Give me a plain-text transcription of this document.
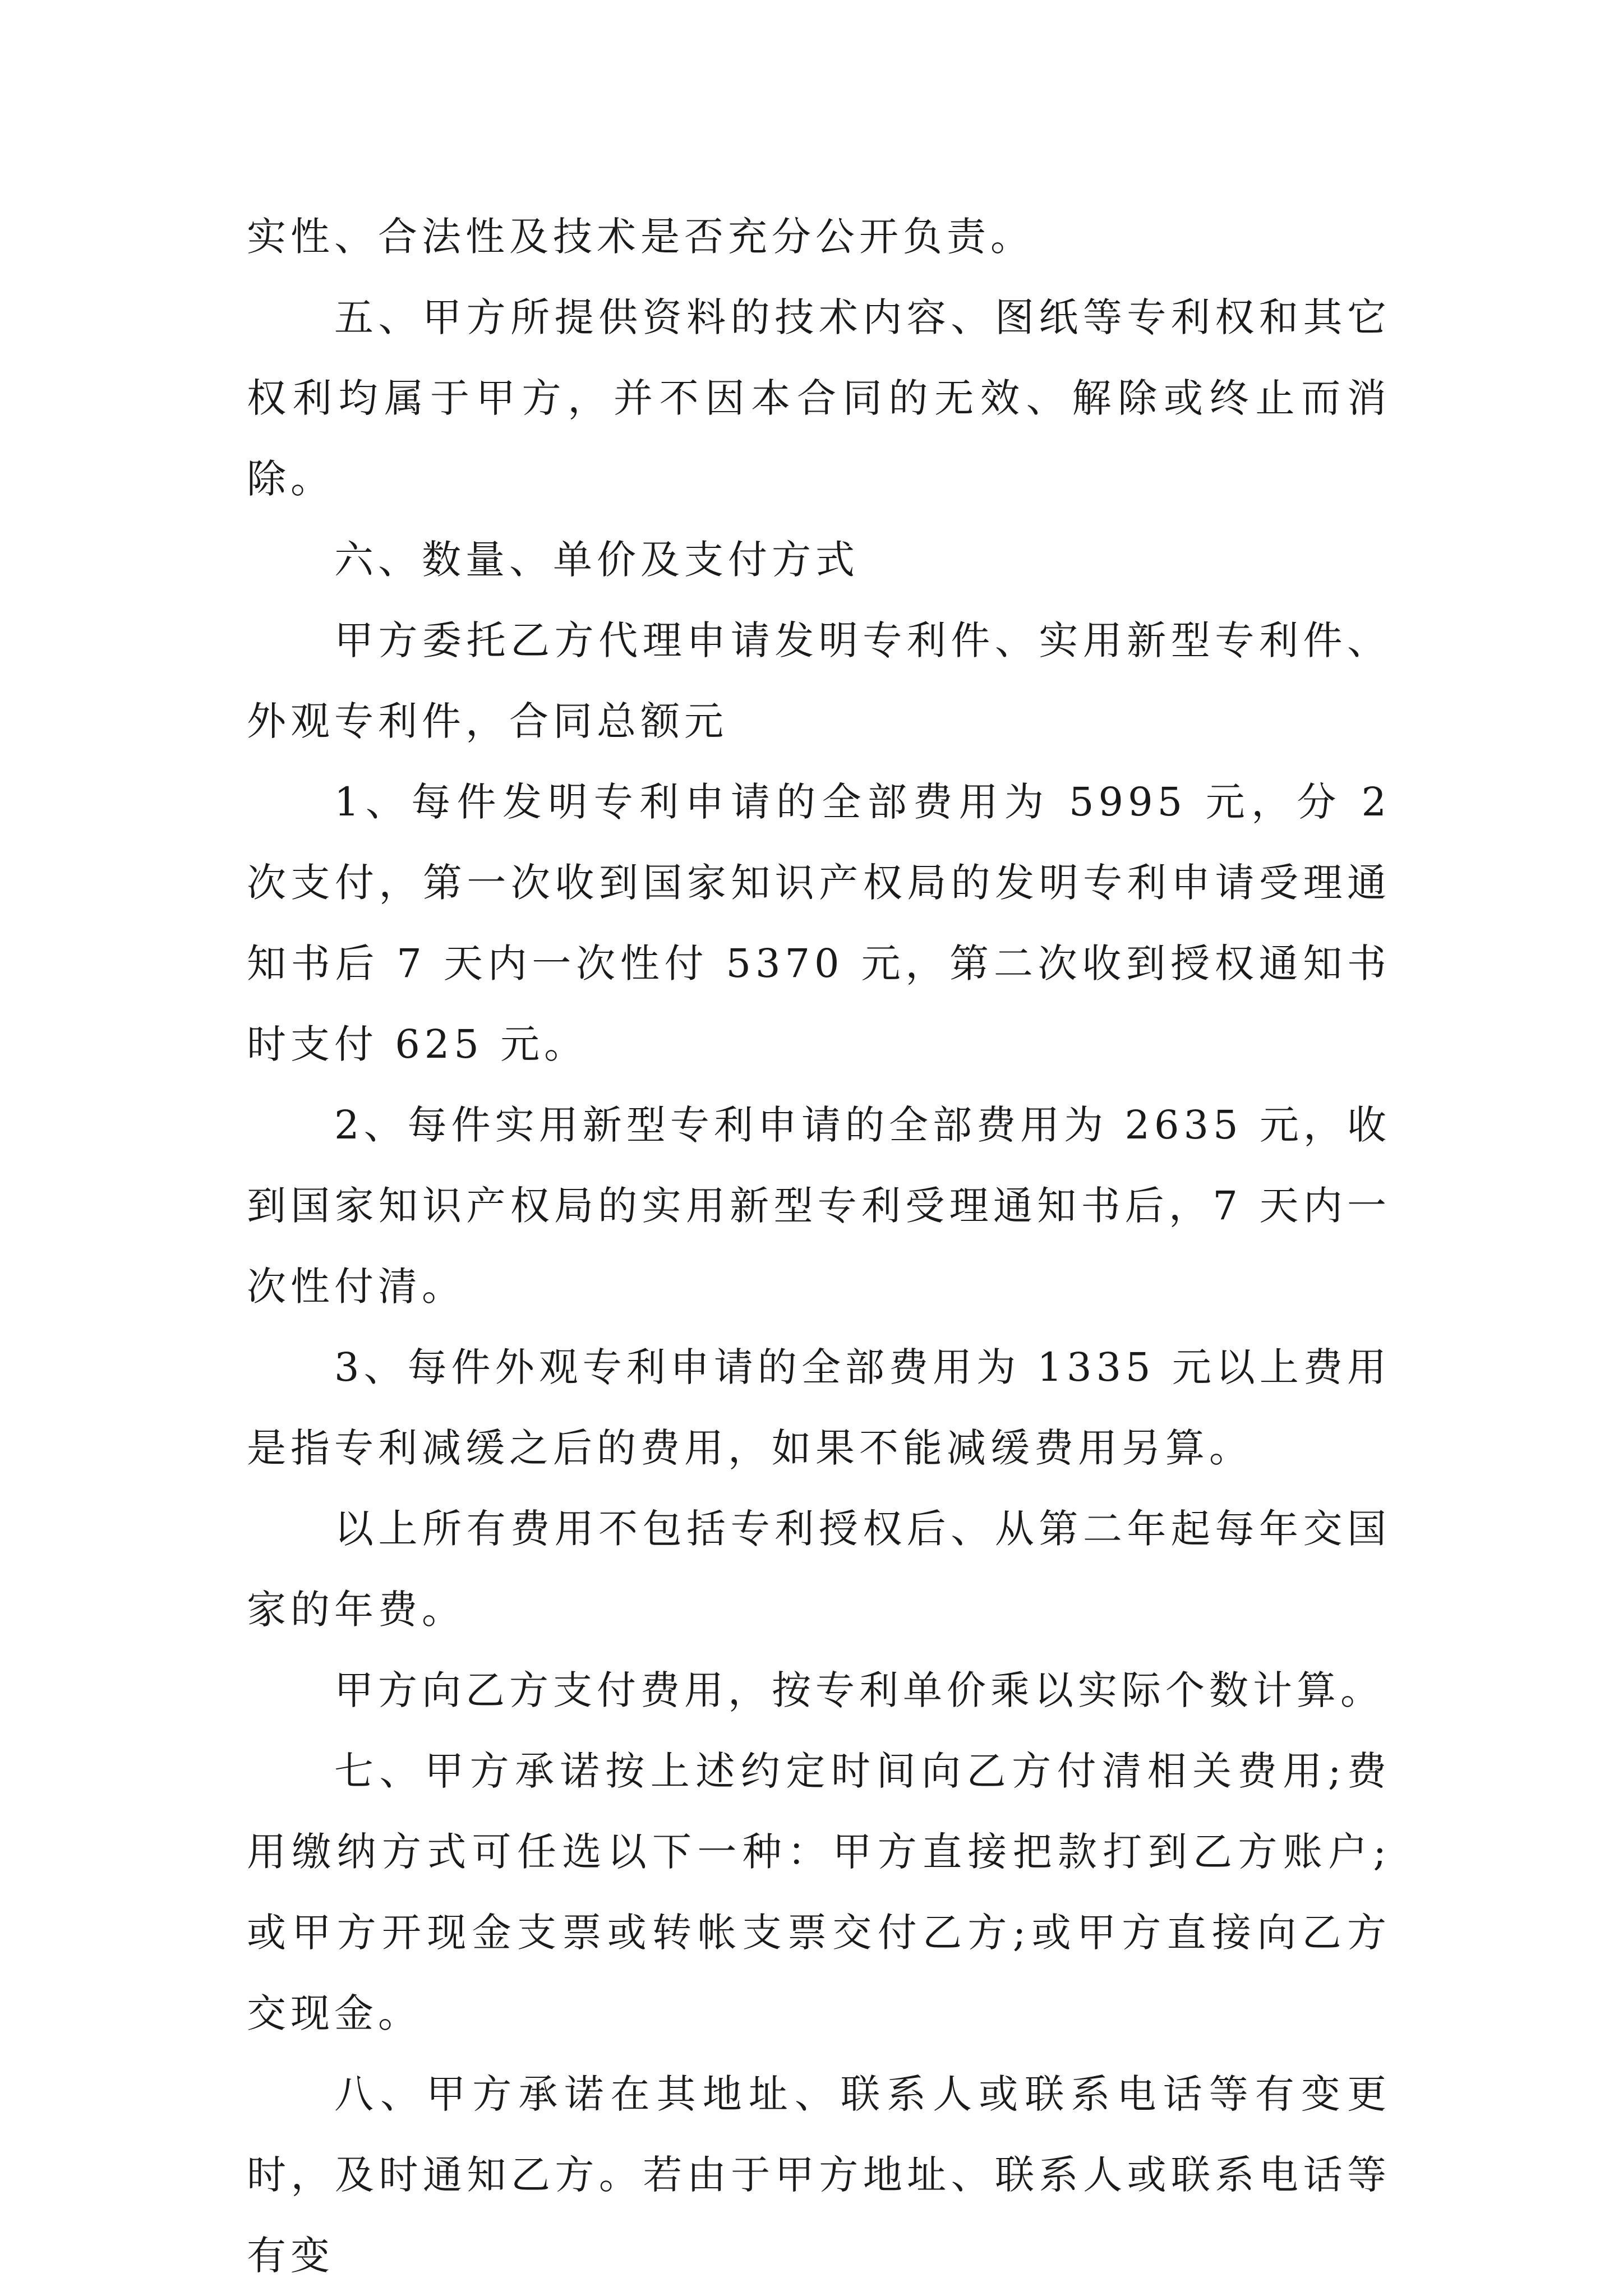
实性、合法性及技术是否充分公开负责。

五、甲方所提供资料的技术内容、图纸等专利权和其它权利均属于甲方，并不因本合同的无效、解除或终止而消除。

六、数量、单价及支付方式

甲方委托乙方代理申请发明专利件、实用新型专利件、外观专利件，合同总额元

1、每件发明专利申请的全部费用为 5995 元，分 2 次支付，第一次收到国家知识产权局的发明专利申请受理通知书后 7 天内一次性付 5370 元，第二次收到授权通知书时支付 625 元。

2、每件实用新型专利申请的全部费用为 2635 元，收到国家知识产权局的实用新型专利受理通知书后，7 天内一次性付清。

3、每件外观专利申请的全部费用为 1335 元以上费用是指专利减缓之后的费用，如果不能减缓费用另算。

以上所有费用不包括专利授权后、从第二年起每年交国家的年费。

甲方向乙方支付费用，按专利单价乘以实际个数计算。

七、甲方承诺按上述约定时间向乙方付清相关费用;费用缴纳方式可任选以下一种：甲方直接把款打到乙方账户;或甲方开现金支票或转帐支票交付乙方;或甲方直接向乙方交现金。

八、甲方承诺在其地址、联系人或联系电话等有变更时，及时通知乙方。若由于甲方地址、联系人或联系电话等有变
